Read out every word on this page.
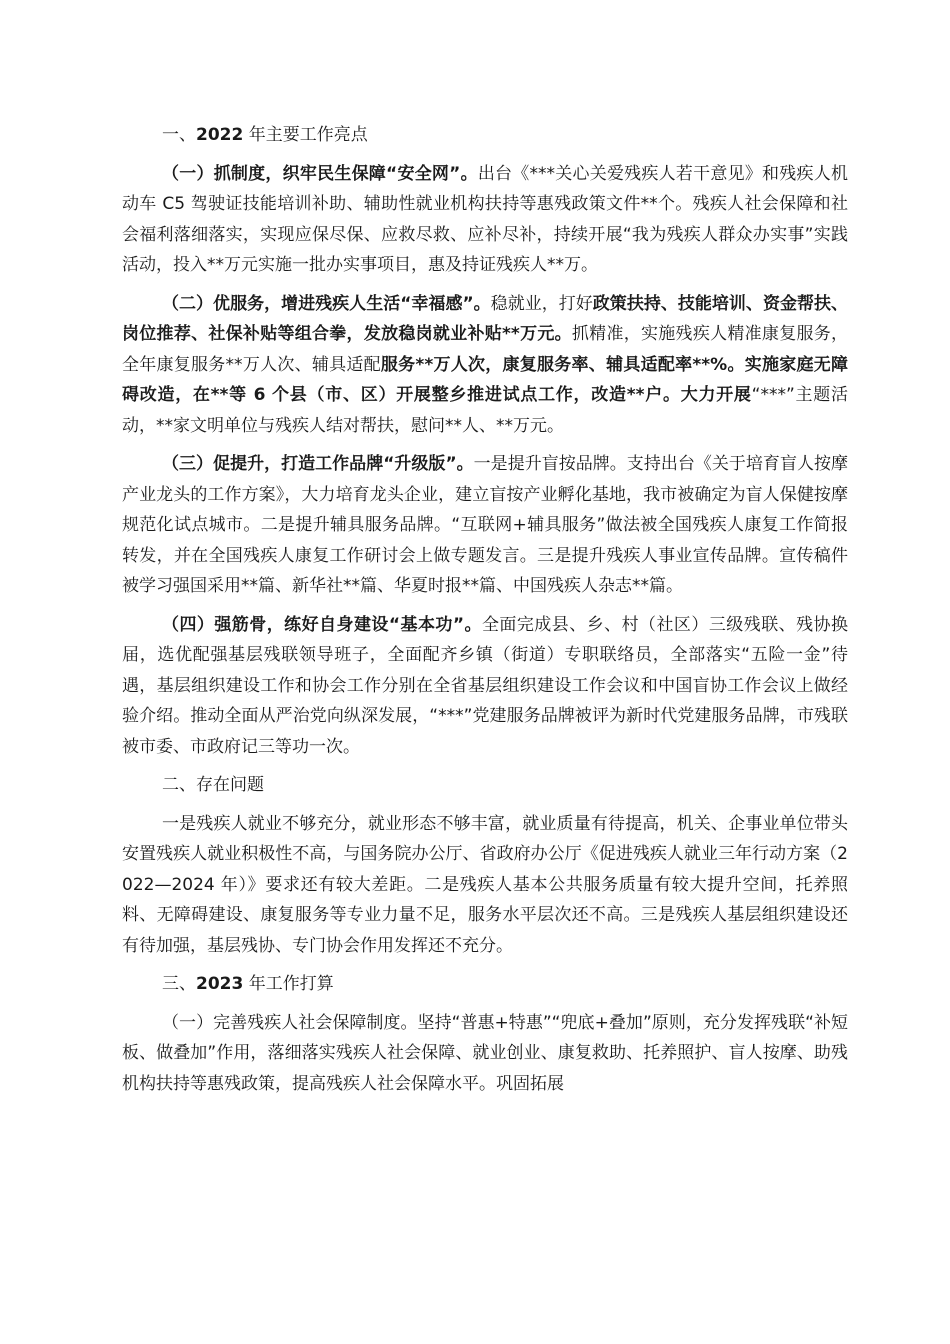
一、2022 年主要工作亮点

（一）抓制度，织牢民生保障“安全网”。出台《***关心关爱残疾人若干意见》和残疾人机动车 C5 驾驶证技能培训补助、辅助性就业机构扶持等惠残政策文件**个。残疾人社会保障和社会福利落细落实，实现应保尽保、应救尽救、应补尽补，持续开展“我为残疾人群众办实事”实践活动，投入**万元实施一批办实事项目，惠及持证残疾人**万。

（二）优服务，增进残疾人生活“幸福感”。稳就业，打好政策扶持、技能培训、资金帮扶、岗位推荐、社保补贴等组合拳，发放稳岗就业补贴**万元。抓精准，实施残疾人精准康复服务，全年康复服务**万人次、辅具适配服务**万人次，康复服务率、辅具适配率**%。实施家庭无障碍改造，在**等 6 个县（市、区）开展整乡推进试点工作，改造**户。大力开展“***”主题活动，**家文明单位与残疾人结对帮扶，慰问**人、**万元。

（三）促提升，打造工作品牌“升级版”。一是提升盲按品牌。支持出台《关于培育盲人按摩产业龙头的工作方案》，大力培育龙头企业，建立盲按产业孵化基地，我市被确定为盲人保健按摩规范化试点城市。二是提升辅具服务品牌。“互联网+辅具服务”做法被全国残疾人康复工作简报转发，并在全国残疾人康复工作研讨会上做专题发言。三是提升残疾人事业宣传品牌。宣传稿件被学习强国采用**篇、新华社**篇、华夏时报**篇、中国残疾人杂志**篇。

（四）强筋骨，练好自身建设“基本功”。全面完成县、乡、村（社区）三级残联、残协换届，选优配强基层残联领导班子，全面配齐乡镇（街道）专职联络员，全部落实“五险一金”待遇，基层组织建设工作和协会工作分别在全省基层组织建设工作会议和中国盲协工作会议上做经验介绍。推动全面从严治党向纵深发展，“***”党建服务品牌被评为新时代党建服务品牌，市残联被市委、市政府记三等功一次。

二、存在问题

一是残疾人就业不够充分，就业形态不够丰富，就业质量有待提高，机关、企事业单位带头安置残疾人就业积极性不高，与国务院办公厅、省政府办公厅《促进残疾人就业三年行动方案（2022—2024 年）》要求还有较大差距。二是残疾人基本公共服务质量有较大提升空间，托养照料、无障碍建设、康复服务等专业力量不足，服务水平层次还不高。三是残疾人基层组织建设还有待加强，基层残协、专门协会作用发挥还不充分。

三、2023 年工作打算

（一）完善残疾人社会保障制度。坚持“普惠+特惠”“兜底+叠加”原则，充分发挥残联“补短板、做叠加”作用，落细落实残疾人社会保障、就业创业、康复救助、托养照护、盲人按摩、助残机构扶持等惠残政策，提高残疾人社会保障水平。巩固拓展
